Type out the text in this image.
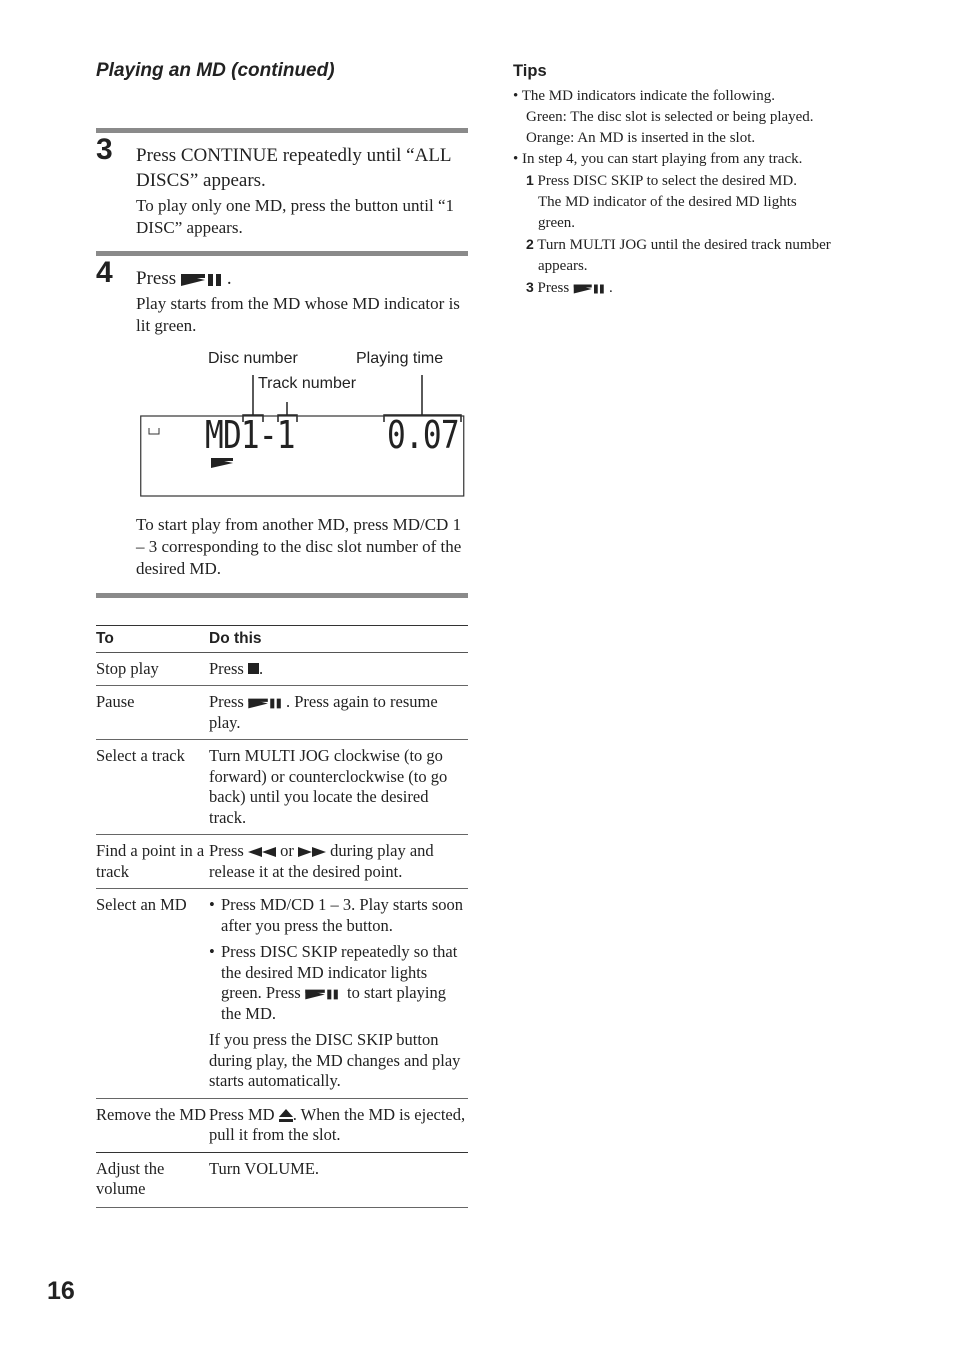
Playing an MD (continued)
3 Press CONTINUE repeatedly until “ALL DISCS” appears.
To play only one MD, press the button until “1 DISC” appears.
4 Press	.
Play starts from the MD whose MD indicator is lit green.
Disc number	Playing time
Track number
MD1-1 0.07
To start play from another MD, press MD/CD 1 – 3 corresponding to the disc slot number of the desired MD.
To	Do this
Stop play	Press .
Pause	Press . Press again to resume play.
Select a track	Turn MULTI JOG clockwise (to go forward) or counterclockwise (to go back) until you locate the desired track.
Find a point in a track	Press or during play and release it at the desired point.
Select an MD	• Press MD/CD 1 – 3. Play starts soon after you press the button.
• Press DISC SKIP repeatedly so that the desired MD indicator lights green. Press to start playing the MD.
If you press the DISC SKIP button during play, the MD changes and play starts automatically.

Remove the MD	Press MD . When the MD is ejected, pull it from the slot.
Adjust the volume	Turn VOLUME.
Tips
• The MD indicators indicate the following.
Green: The disc slot is selected or being played.
Orange: An MD is inserted in the slot.
• In step 4, you can start playing from any track.
1 Press DISC SKIP to select the desired MD.
The MD indicator of the desired MD lights
green.
2 Turn MULTI JOG until the desired track number
appears.
3 Press	.
16
